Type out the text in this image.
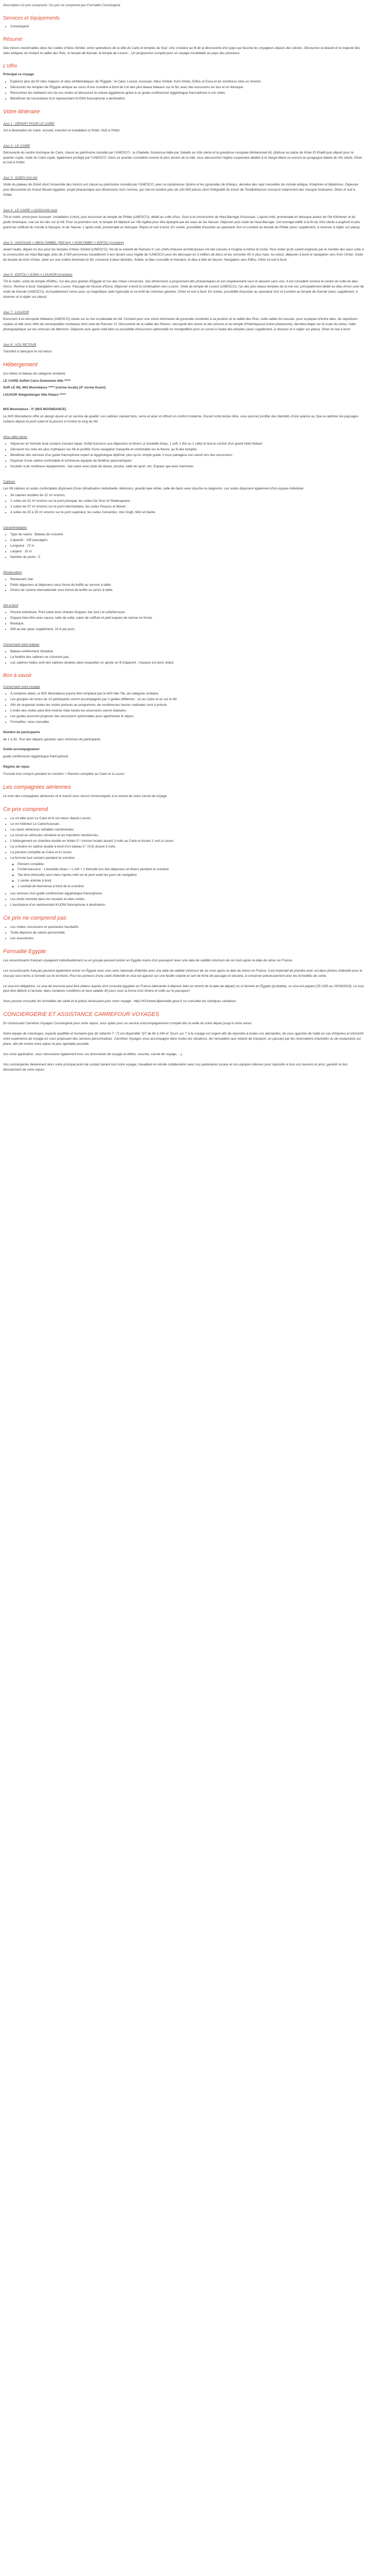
Description Ce prix comprend / Ce prix ne comprend pas Formalité Conciergerie

Services et équipements
• Conciergerie
Résumé

Des trésors inestimables dans les ruelles d'Abou Simbel, entre splendeurs de la ville du Caire et temples du Sud. Une croisière au fil de la découverte d'un pays qui fascine les voyageurs depuis des siècles. Découvrez la beauté et la majesté des sites antiques en visitant la vallée des Rois, le temple de Karnak, le temple de Louxor... Un programme complet pour un voyage inoubliable au pays des pharaons.

L'offre

Principal ce voyage

• Explorez plus de 50 sites majeurs et sites emblématiques de l'Egypte : le Caire, Louxor, Assouan, Abou Simbel, Kom Ombo, Edfou et Esna et de nombreux sites en chemin.
• Découvrez les temples de l'Egypte antique au cours d'une croisière à bord de l'un des plus beaux bateaux sur le Nil, avec des excursions en bus et en felouque.
• Rencontrez les habitants lors de vos visites et découvrez la culture égyptienne grâce à un guide conférencier égyptologue francophone à vos côtés.
• Bénéficiez de l'assistance d'un représentant KUONI francophone à destination.
Votre itinéraire
Jour 1 : DÉPART POUR LE CAIRE

Vol à destination du Caire. Accueil, transfert et installation à l'hôtel. Nuit à l'hôtel.

Jour 2 : LE CAIRE

Découverte du centre historique du Caire, classé au patrimoine mondial par l'UNESCO : la Citadelle, forteresse bâtie par Saladin au XIIe siècle et la grandiose mosquée Mohammed Ali, (bâtisse au bazar de Khan El Khalili puis départ pour le quartier copte, visite du Caire copte, également protégé par l'UNESCO. Dans ce quartier considéré comme le plus ancien de la ville, vous découvrirez l'église suspendue dédiée à la Vierge Marie ou encore la synagogue datant du IXe siècle. Dîner et nuit à l'hôtel.

Jour 3 : GIZEH (Vol int)

Visite du plateau de Gizeh dont l'ensemble des trésors est classé au patrimoine mondial par l'UNESCO, avec la mystérieuse Sphinx et les pyramides de Khéops, dernière des sept merveilles du monde antique, Khéphren et Mykérinos. Déjeuner puis découverte du Grand Musée égyptien, projet pharaonique aux dimensions hors normes, qui met en lumière plus de 100 000 pièces dont l'intégralité du trésor de Toutânkhamon consacré notamment des masque funéraires. Dîner et nuit à l'hôtel.

Jour 4 : LE CAIRE > ASSOUAN (vol)

Tôt le matin, envol pour Assouan. Installation à bord, puis excursion au temple de Philae (UNESCO), dédié au culte d'Isis. Suivi à la construction du Haut-Barrage d'Assouan. L'après-midi, promenade en felouque autour de l'île Kitchener et du jardin botanique, vue sur les îles sur le Nil. Pour sa première nuit, le temple fut déplacé sur l'île Agilkia pour être épargné par les eaux du lac Nasser. Déjeuner puis visite du Haut-Barrage. Cet ouvrage édifié à la fin du XXe siècle a englouti le plus grand lac artificiel du monde à l'époque, le lac Nasser. L'après-midi, promenade en felouque. Repos et nuit à bord. En soirée, possibilité d'assister au spectacle Son et Lumière au temple de Philae (avec supplément, à réserver à régler sur place).

Jour 5 : ASSOUAN > ABOU SIMBEL (500 km) > KOM OMBO > EDFOU (croisière)

Avant l'aube, départ en bus pour les temples d'Abou Simbel (UNESCO). Né de la volonté de Ramsès II, ces chefs-d'œuvre architecturaux ont été creusés à l'origine à même la roche. Pour éviter qu'ils soient engloutis par le montée des eaux suite à la construction du Haut-Barrage, près de 3 000 personnes travaillèrent 3 ans durant sous l'égide de l'UNESCO pour les découper en 3 milliers de blocs et les remonter 65 m plus haut. Au retour, déjeuner à bord et navigation vers Kom Ombo. Visite du temple de Kom Ombo, situé sur une colline dominant le Nil, consacré à deux divinités, Sobek, le dieu crocodile et Haroéris, le dieu à tête de faucon. Navigation vers Edfou. Dîner et nuit à bord.

Jour 6 : EDFOU > ESNA > LOUXOR (croisière)

Tôt le matin, visite du temple d'Edfou, l'un des plus grands d'Egypte et l'un des mieux conservés. Ses dimensions à proprement dits pharaoniques et son emplacement vous le laissent sans voix. Il est considéré comme le centre du culte du dieu Horus. Remise à bord. Navigation vers Louxor. Passage de l'écluse d'Esna. Déjeuner à bord et continuation vers Louxor. Visite du temple de Louxor (UNESCO), l'un des plus beaux temples de la rive est, principalement dédié au dieu Amon suivi de visite de Karnak (UNESCO), incroyablement connu pour sa magnifique salle hypostyle et sa forêt de colonnes géantes. Dîner et nuit à bord. En soirée, possibilité d'assister au spectacle Son et Lumière au temple de Karnak (avec supplément, à réserver et à régler sur place).

Jour 7 : LOUXOR

Excursion à la nécropole thébaine (UNESCO) située sur la rive occidentale du Nil. Occitant pour une vision étonnante de pyramide combinée à sa position et la vallée des Rois, cette vallée fut creusée, pour la plupart d'entre elles, de sépultures royales et elle nous offre de remarquables tombeaux dont celui de Ramsès VI. Découverte de la vallée des Reines, nécropole des reines et des princes et du temple d'Hatchepsout (reine pharaonne), dernière étape sur la route du retour, halte photographique sur les colosses de Memnon. Déjeuner puis après-midi libre ou possibilité d'excursion optionnelle en montgolfière pour un survol à l'aube des temples (avec supplément, à réserver et à régler sur place). Dîner et nuit à bord.

Jour 8 : VOL RETOUR

Transfert à l'aéroport et vol retour.

Hébergement

(ou hôtels et bateau de catégorie similaire)

LE CAIRE Sofitel Cairo Downtown Nile *****

SUR LE NIL M/S Moondance ***** (norme locale) (4* norme Kuoni)

LOUXOR Steigenberger Nile Palace *****

M/S Moondance - 5* (M/S MOONDANCE)

Le M/S Moondance offre un design épuré et un service de qualité. Les cabines mariant bois, verre et acier et offrent un confort moderne. Durant votre temps libre, vous pourrez profiter des bienfaits d'une séance au Spa ou admirer les paysages nubiens depuis le pont-soleil et la piscine à l'ombre le long du Nil.

Vous allez aimer
• Séjourner en formule boat compris incluant repas, forfait boissons aux déjeuners et dîners (1 bouteille d'eau, 1 soft, 1 thé ou 1 café) et tout le confort d'un grand hôtel flottant.
• Découvrir les rives les plus mythiques sur Nil et profiter d'une navigation tranquille et confortable sur le fleuve, au fil des temples.
• Bénéficier des services d'un guide francophone expert et égyptologue diplômé, plus qu'un simple guide, il vous partagera son savoir lors des excursions.
• Disposer d'une cabine confortable et lumineuse équipée de fenêtres panoramiques.
• Accéder à de nombreux équipements : bar-salon avec piste de danse, piscine, salle de sport, etc. Espace spa avec hammam.
Cabines

Les 56 cabines et suites confortables disposent d'une climatisation individuelle, télévision, grande baie vitrée, salle de bains avec douche ou baignoire. Les suites disposent également d'un espace individuel.

• 34 cabines doubles de 22 m² environ,
• 2 suites de 32 m² environ sur le pont principal, les suites De Vinci et Shakespeare ;
• 2 suites de 37 m² environ sur le pont intermédiaire, les suites Picasso et Monet ;
• 4 suites de 25 à 35 m² environ sur le pont supérieur, les suites Cervantes, Van Gogh, Mirò et Dante.
Caractéristiques
• Type de navire : Bateau de croisière
• Capacité : 145 passagers
• Longueur : 72 m
• Largeur : 15 m
• Nombre de ponts : 5
Restauration
• Restaurant, bar.
• Petits déjeuners et déjeuners sous forme de buffet au service à table.
• Dîners de cuisine internationale sous forme de buffet ou servis à table.
Vie à bord
• Piscine extérieure. Pont soleil avec chaises longues, bar (ext.) et sofa/terrasse.
• Espace bien-être avec sauna, salle de sotta, salon de coiffure et petit espace de remise en forme.
• Boutique.
• Wifi au bar (avec supplément, 10 € par jour).
Concernant votre bateau
• Bateau entièrement climatisé.
• La fenêtre des cabines ne s'ouvrent pas.
• Les cabines triples sont des cabines doubles dans lesquelles on ajoute un lit d'appoint ; l'espace est donc réduit.
Bon à savoir
Concernant votre voyage
• À certaines dates, le M/S Moondance pourra être remplacé par le M/S Nile Tiki, de catégorie similaire.
• Les groupes de moins de 10 participants seront accompagnés par 2 guides différents : un au Caire et un sur le Nil.
• Afin de respecter toutes les visites prévues au programme, de nombreuses heures matinales sont à prévoir.
• L'ordre des visites peut être inversé mais toutes les excursions seront réalisées.
• Les guides pourront proposer des excursions optionnelles pour agrémenter le séjour.
• Formalités, nous consulter.

Nombre de participants

de 1 à 30. Tour des départs garantis sans minimum de participants.

Guide accompagnateur

guide conférencier égyptologue francophone

Régime de repas

Formule tout compris pendant la croisière + Pension complète au Caire et à Louxor

Les compagnies aériennes

Le nom des compagnies aériennes et le transit vous seront communiqués à la remise de votre carnet de voyage

Ce prix comprend
• Le vol aller pour Le Caire et le vol retour depuis Louxor.
• Le vol intérieur Le Caire/Assouan.
• Les taxes aériennes variables mentionnées.
• Le circuit en véhicules climatisé et les transferts mentionnés.
• L'hébergement en chambre double en hôtels 5 * (norme locale) durant 3 nuits au Caire et durant 1 nuit à Louxor.
• La croisière en cabine double à bord d'un bateau 5 * (4,5) durant 3 nuits.
• La pension complète au Caire et à Louxor.
• La formule tout compris pendant la croisière.
◦ Pension complète
◦ Forfait boissons : 1 bouteille d'eau + 1 soft + 1 thé/café lors des déjeuners et dîners pendant la croisière
◦ Tea time (thé/café) servi dans l'après-midi sur le pont soleil les jours de navigation
◦ 1 soirée animée à bord
◦ 1 cocktail de bienvenue à bord de la croisière
• Les services d'un guide conférencier égyptologue francophone.
• Les droits d'entrée dans les musées et sites visités.
• L'assistance d'un représentant KUONI francophone à destination.
Ce prix ne comprend pas
• Les visites, excursions et spectacles facultatifs.
• Toute dépense de nature personnelle.
• Les assurances.
Formalité Egypte

Les ressortissants français voyageant individuellement ou en groupe peuvent entrer en Egypte munis d'un passeport avec une date de validité minimum de six mois après la date de retour en France.

Les ressortissants français peuvent également entrer en Égypte avec une carte nationale d'identité avec une date de validité minimum de six mois après la date de retour en France. Il est impératif de prendre avec soi deux photos d'identité pour le visa qui sera remis à l'arrivée sur le territoire. Pour les porteurs d'une carte d'identité le visa est apposé sur une feuille volante et sert de fiche de passage en douane, à conserver précieusement pour les formalités de sortie.

Le visa est obligatoire. Le visa de tourisme peut être obtenu auprès d'un consulat égyptien en France (demande à déposer bien en amont de la date de départ) ou à l'arrivée en Égypte (probable), ce visa est payant (25 USD au 15/04/2023). Le visa peut être délivré à l'arrivée, dans certaines conditions et sera valable 30 jours sous la forme d'un timbre et collé sur le passeport.

Vous pouvez consulter les formalités de santé et la police nécessaire pour votre voyage : http://XXXwww.diplomatie.gouv.fr ou consulter les rubriques sanitaires.

CONCIERGERIE ET ASSISTANCE CARREFOUR VOYAGES

En choisissant Carrefour Voyages Conciergerie pour votre séjour, vous optez pour un service d'accompagnement complet dès la veille du votre départ jusqu'à votre retour.

Notre équipe de concierges, experte qualifiée et humaine (par dé rattaché 7 / 7) est disponible 7j/7 de 6h à 24h et 7jours sur 7 si le voyage est urgent afin de répondre à toutes vos demandes, de vous apporter de l'aide en cas d'imprévu et d'enrichir votre expérience de voyage en vous proposant des services personnalisés. Carrefour Voyages vous accompagne dans toutes les situations, de l'annulation aux retards de transport, en passant par les réservations d'activités ou de restaurants sur place, afin de rendre votre séjour le plus agréable possible.

Vos voire application, vous retrouverez également tous vos documents de voyage (e-billets, voucher, carnet de voyage, ...).

Vos conciergeries deviennent alors votre principal point de contact durant tout votre voyage, travaillent en étroite collaboration avec nos partenaires locaux et nos équipes internes pour répondre à tous vos besoins et ainsi, garantir le bon déroulement de votre séjour.
